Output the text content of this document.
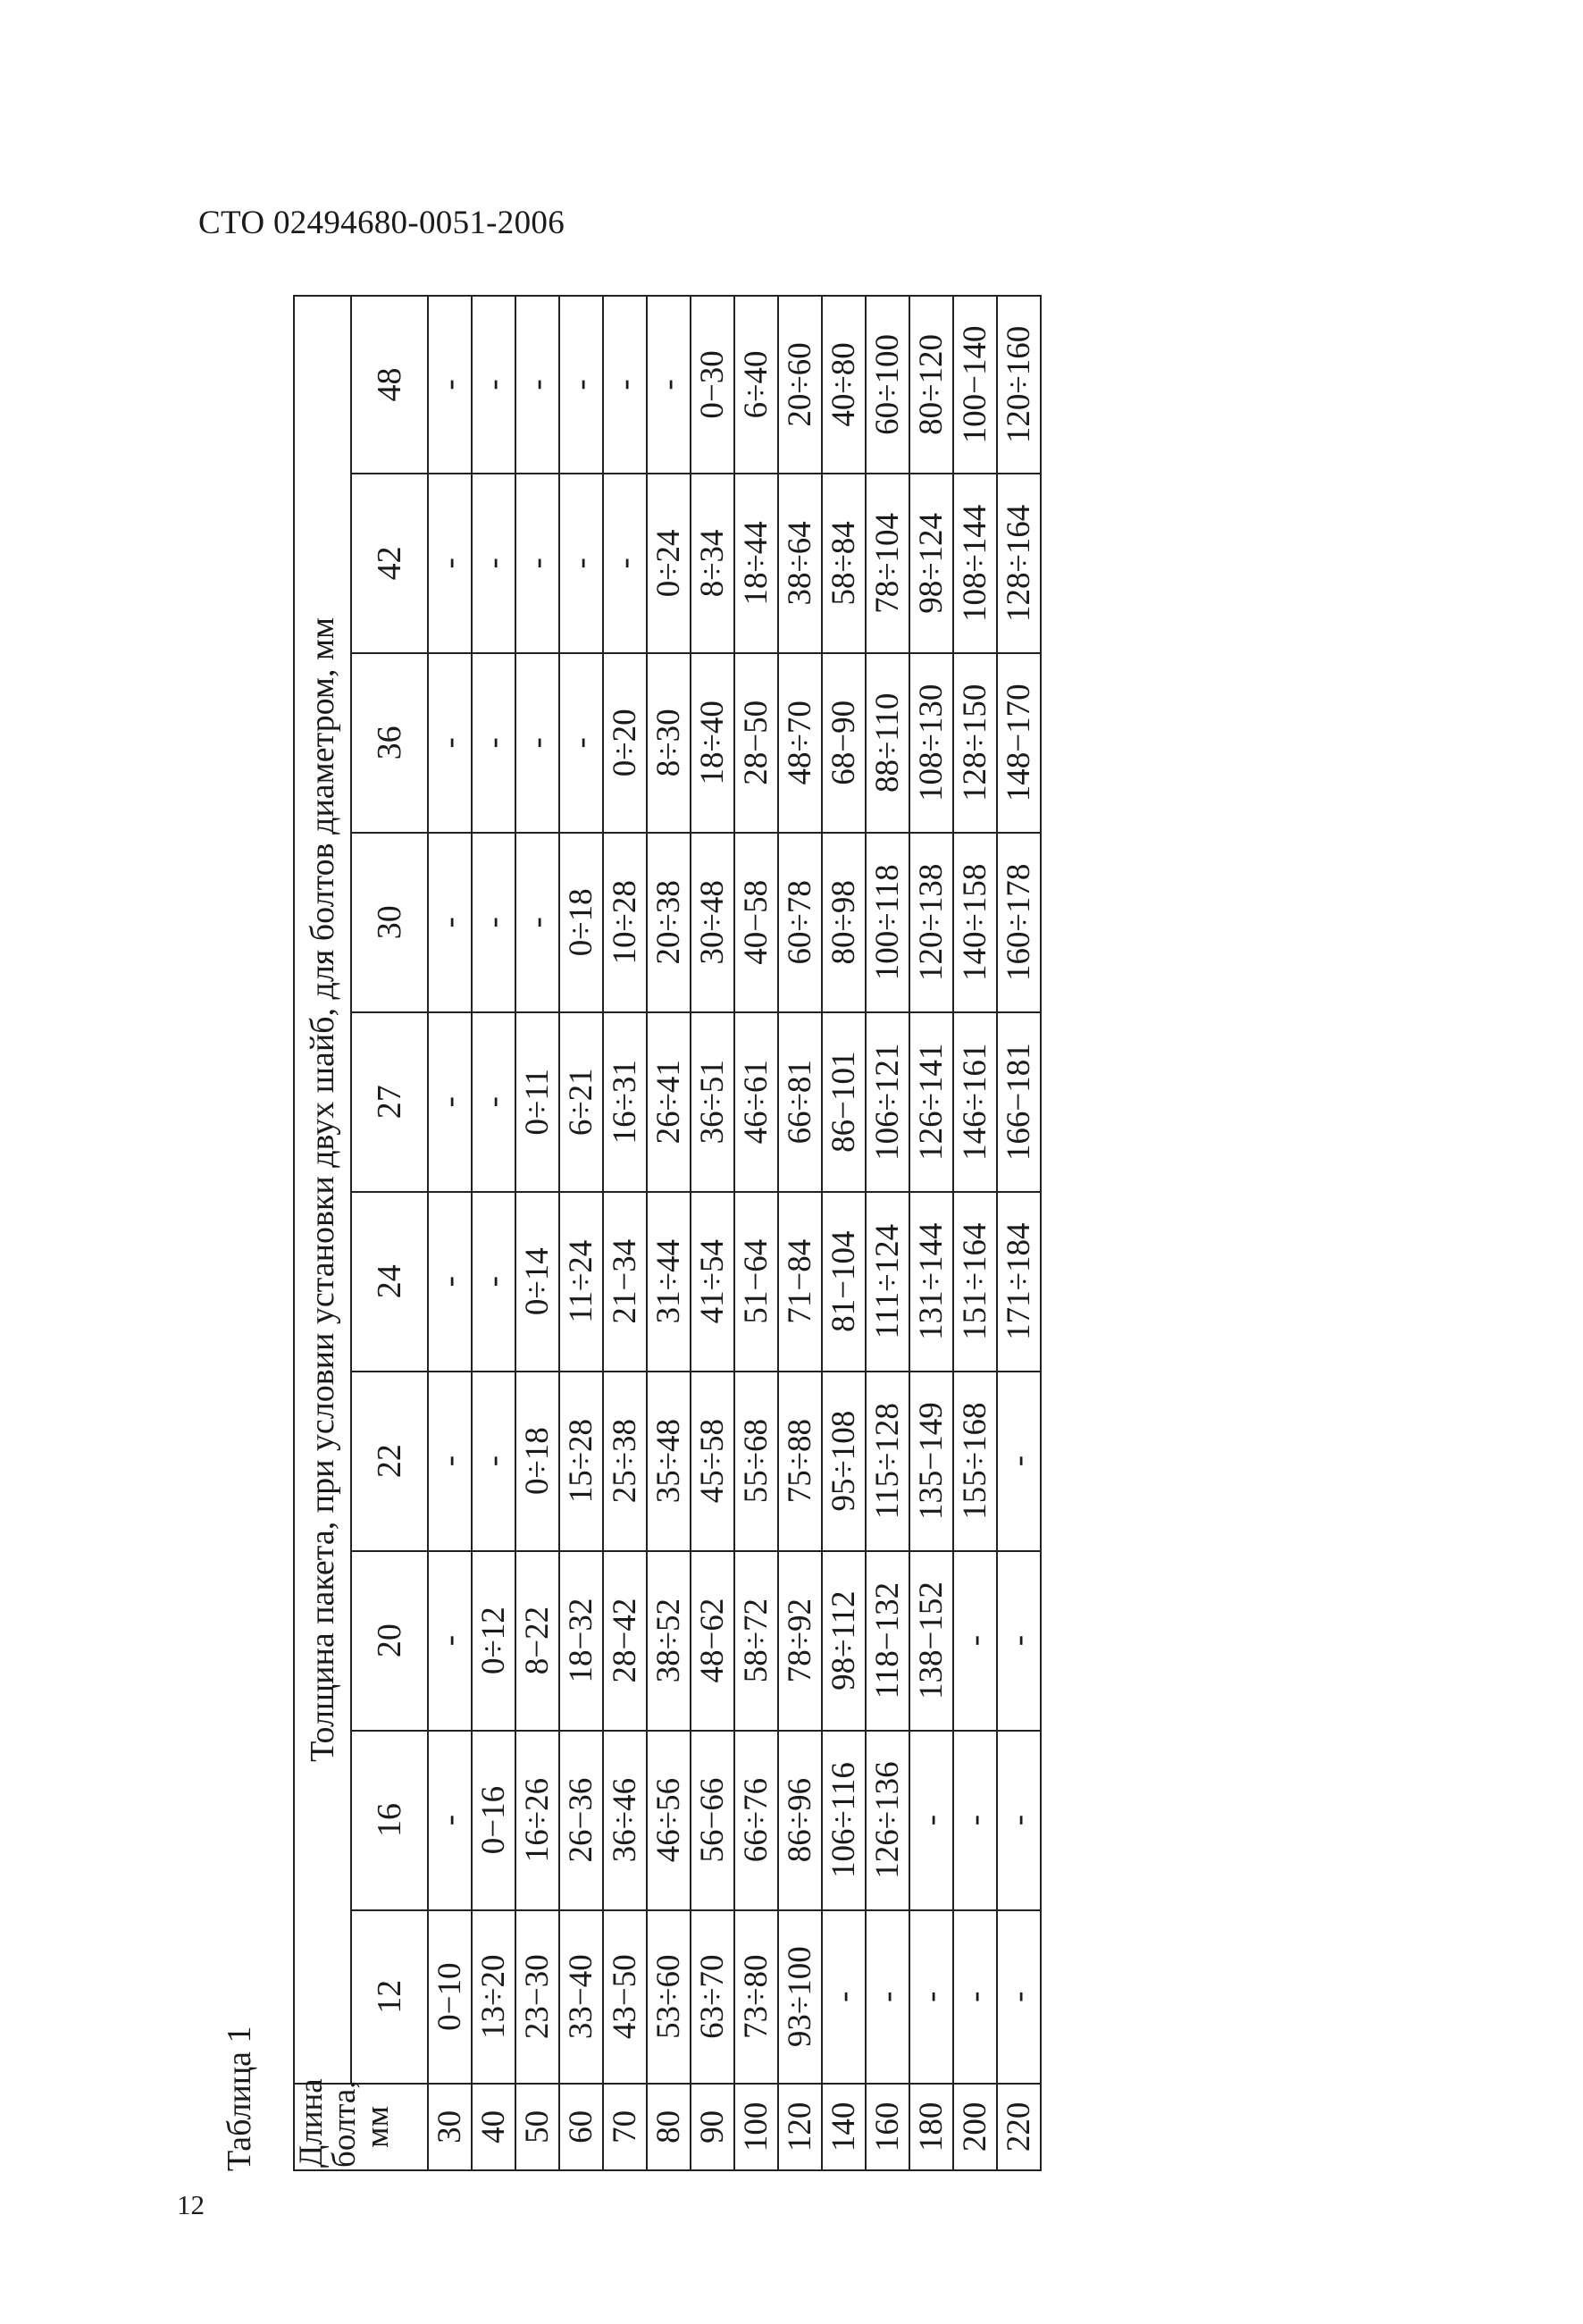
СТО 02494680-0051-2006
Таблица 1 Длина
болта,
мм	Толщина пакета, при условии установки двух шайб, для болтов диаметром, мм									
	12	16	20	22	24	27	30	36	42	48
30	0−10	-	-	-	-	-	-	-	-	-
40	13÷20	0−16	0÷12	-	-	-	-	-	-	-
50	23−30	16÷26	8−22	0÷18	0÷14	0÷11	-	-	-	-
60	33−40	26−36	18−32	15÷28	11÷24	6÷21	0÷18	-	-	-
70	43−50	36÷46	28−42	25÷38	21−34	16÷31	10÷28	0÷20	-	-
80	53÷60	46÷56	38÷52	35÷48	31÷44	26÷41	20÷38	8÷30	0÷24	-
90	63÷70	56−66	48−62	45÷58	41÷54	36÷51	30÷48	18÷40	8÷34	0−30
100	73÷80	66÷76	58÷72	55÷68	51−64	46÷61	40−58	28−50	18÷44	6÷40
120	93÷100	86÷96	78÷92	75÷88	71−84	66÷81	60÷78	48÷70	38÷64	20÷60
140	-	106÷116	98÷112	95÷108	81−104	86−101	80÷98	68−90	58÷84	40÷80
160	-	126÷136	118−132	115÷128	111÷124	106÷121	100÷118	88÷110	78÷104	60÷100
180	-	-	138−152	135−149	131÷144	126÷141	120÷138	108÷130	98÷124	80÷120
200	-	-	-	155÷168	151÷164	146÷161	140÷158	128÷150	108÷144	100−140
220	-	-	-	-	171÷184	166−181	160÷178	148−170	128÷164	120÷160
12
